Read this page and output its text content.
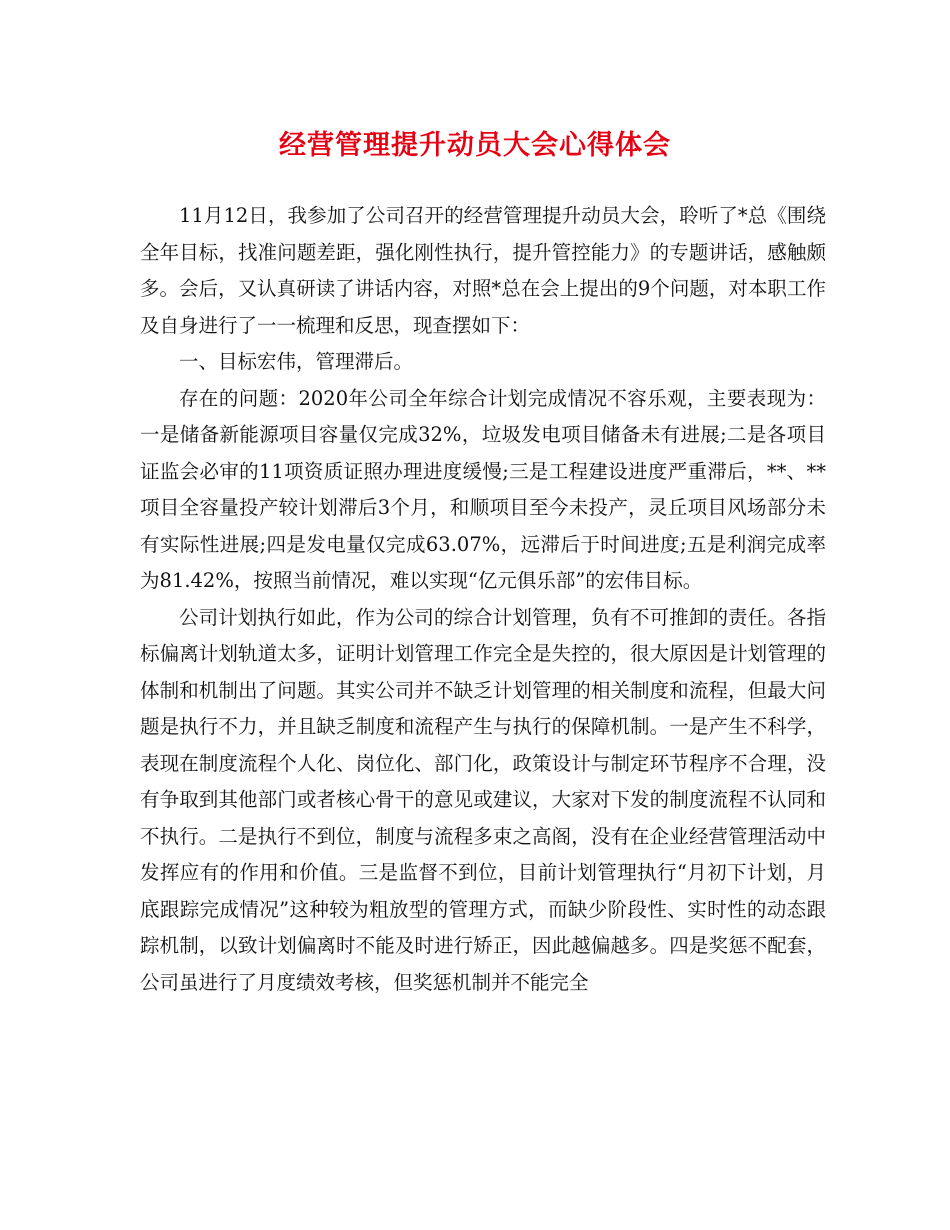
经营管理提升动员大会心得体会

11月12日，我参加了公司召开的经营管理提升动员大会，聆听了*总《围绕全年目标，找准问题差距，强化刚性执行，提升管控能力》的专题讲话，感触颇多。会后，又认真研读了讲话内容，对照*总在会上提出的9个问题，对本职工作及自身进行了一一梳理和反思，现查摆如下：

一、目标宏伟，管理滞后。

存在的问题：2020年公司全年综合计划完成情况不容乐观，主要表现为：一是储备新能源项目容量仅完成32%，垃圾发电项目储备未有进展;二是各项目证监会必审的11项资质证照办理进度缓慢;三是工程建设进度严重滞后，**、**项目全容量投产较计划滞后3个月，和顺项目至今未投产，灵丘项目风场部分未有实际性进展;四是发电量仅完成63.07%，远滞后于时间进度;五是利润完成率为81.42%，按照当前情况，难以实现“亿元俱乐部”的宏伟目标。

公司计划执行如此，作为公司的综合计划管理，负有不可推卸的责任。各指标偏离计划轨道太多，证明计划管理工作完全是失控的，很大原因是计划管理的体制和机制出了问题。其实公司并不缺乏计划管理的相关制度和流程，但最大问题是执行不力，并且缺乏制度和流程产生与执行的保障机制。一是产生不科学，表现在制度流程个人化、岗位化、部门化，政策设计与制定环节程序不合理，没有争取到其他部门或者核心骨干的意见或建议，大家对下发的制度流程不认同和不执行。二是执行不到位，制度与流程多束之高阁，没有在企业经营管理活动中发挥应有的作用和价值。三是监督不到位，目前计划管理执行“月初下计划，月底跟踪完成情况”这种较为粗放型的管理方式，而缺少阶段性、实时性的动态跟踪机制，以致计划偏离时不能及时进行矫正，因此越偏越多。四是奖惩不配套，公司虽进行了月度绩效考核，但奖惩机制并不能完全
